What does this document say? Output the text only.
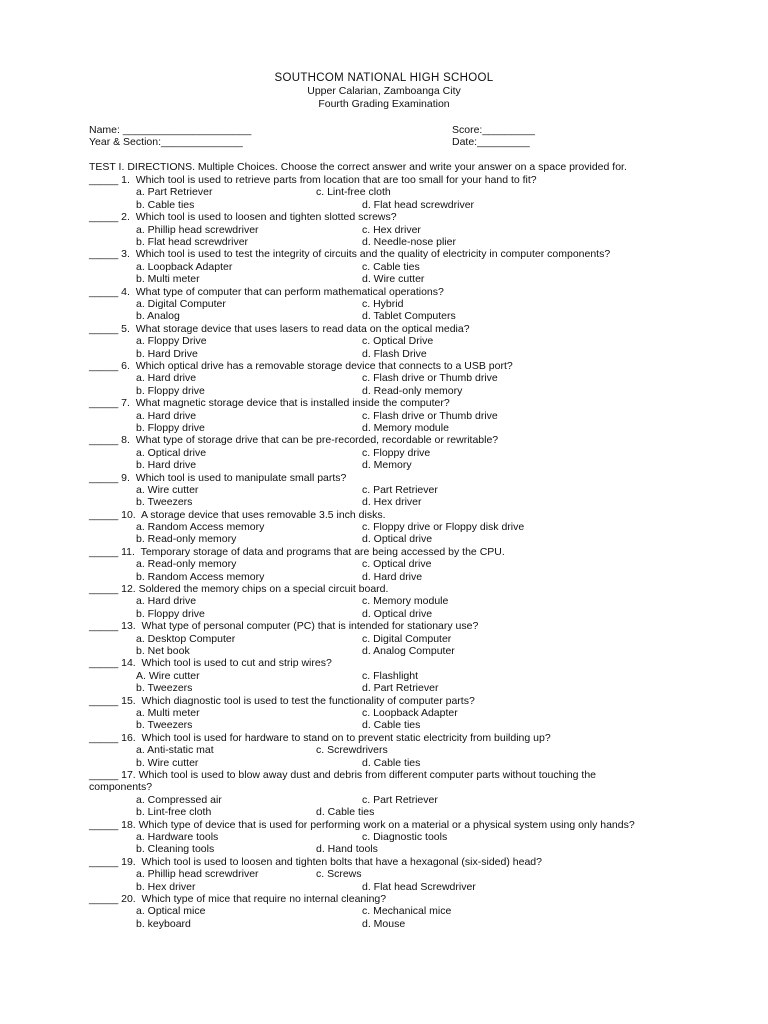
SOUTHCOM NATIONAL HIGH SCHOOL
Upper Calarian, Zamboanga City
Fourth Grading Examination
Name: ______________________
Year & Section:______________
Score:_________
Date:_________
TEST I. DIRECTIONS. Multiple Choices. Choose the correct answer and write your answer on a space provided for.
_____ 1.  Which tool is used to retrieve parts from location that are too small for your hand to fit?
a. Part Retriever	c. Lint-free cloth
b. Cable ties	d. Flat head screwdriver
_____ 2.  Which tool is used to loosen and tighten slotted screws?
a. Phillip head screwdriver	c. Hex driver
b. Flat head screwdriver	d. Needle-nose plier
_____ 3.  Which tool is used to test the integrity of circuits and the quality of electricity in computer components?
a. Loopback Adapter	c. Cable ties
b. Multi meter	d. Wire cutter
_____ 4.  What type of computer that can perform mathematical operations?
a. Digital Computer	c. Hybrid
b. Analog	d. Tablet Computers
_____ 5.  What storage device that uses lasers to read data on the optical media?
a. Floppy Drive	c. Optical Drive
b. Hard Drive	d. Flash Drive
_____ 6.  Which optical drive has a removable storage device that connects to a USB port?
a. Hard drive	c. Flash drive or Thumb drive
b. Floppy drive	d. Read-only memory
_____ 7.  What magnetic storage device that is installed inside the computer?
a. Hard drive	c. Flash drive or Thumb drive
b. Floppy drive	d. Memory module
_____ 8.  What type of storage drive that can be pre-recorded, recordable or rewritable?
a. Optical drive	c. Floppy drive
b. Hard drive	d. Memory
_____ 9.  Which tool is used to manipulate small parts?
a. Wire cutter	c. Part Retriever
b. Tweezers	d. Hex driver
_____ 10.  A storage device that uses removable 3.5 inch disks.
a. Random Access memory	c. Floppy drive or Floppy disk drive
b. Read-only memory	d. Optical drive
_____ 11.  Temporary storage of data and programs that are being accessed by the CPU.
a. Read-only memory	c. Optical drive
b. Random Access memory	d. Hard drive
_____ 12. Soldered the memory chips on a special circuit board.
a. Hard drive	c. Memory module
b. Floppy drive	d. Optical drive
_____ 13.  What type of personal computer (PC) that is intended for stationary use?
a. Desktop Computer	c. Digital Computer
b. Net book	d. Analog Computer
_____ 14.  Which tool is used to cut and strip wires?
A. Wire cutter	c. Flashlight
b. Tweezers	d. Part Retriever
_____ 15.  Which diagnostic tool is used to test the functionality of computer parts?
a. Multi meter	c. Loopback Adapter
b. Tweezers	d. Cable ties
_____ 16.  Which tool is used for hardware to stand on to prevent static electricity from building up?
a. Anti-static mat	c. Screwdrivers
b. Wire cutter	d. Cable ties
_____ 17. Which tool is used to blow away dust and debris from different computer parts without touching the components?
a. Compressed air	c. Part Retriever
b. Lint-free cloth	d. Cable ties
_____ 18. Which type of device that is used for performing work on a material or a physical system using only hands?
a. Hardware tools	c. Diagnostic tools
b. Cleaning tools	d. Hand tools
_____ 19.  Which tool is used to loosen and tighten bolts that have a hexagonal (six-sided) head?
a. Phillip head screwdriver	c. Screws
b. Hex driver	d. Flat head Screwdriver
_____ 20.  Which type of mice that require no internal cleaning?
a. Optical mice	c. Mechanical mice
b. keyboard	d. Mouse
